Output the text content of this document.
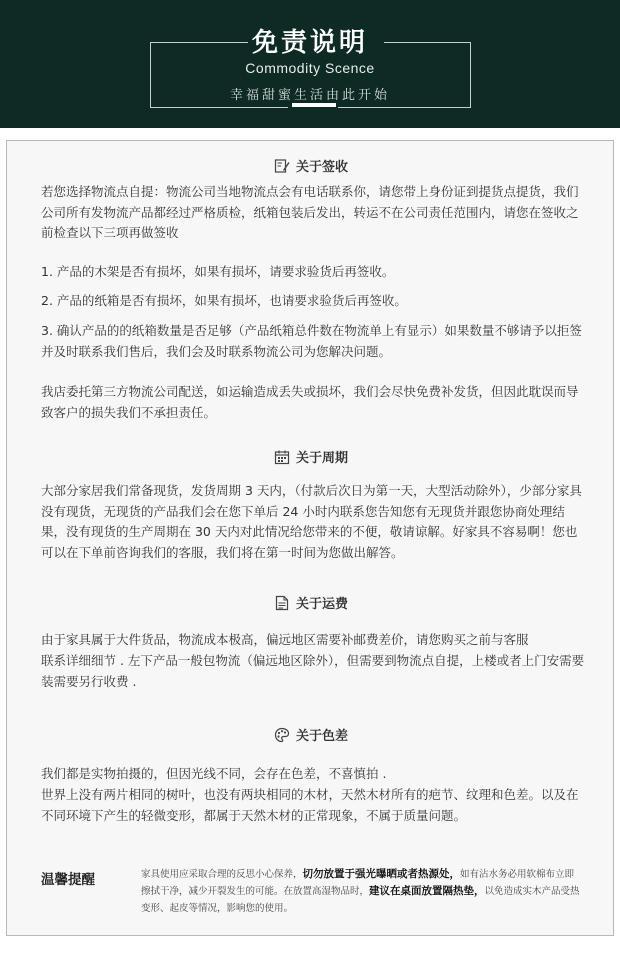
免责说明
Commodity Scence
幸福甜蜜生活由此开始
关于签收
若您选择物流点自提：物流公司当地物流点会有电话联系你，请您带上身份证到提货点提货，我们公司所有发物流产品都经过严格质检，纸箱包装后发出，转运不在公司责任范围内，请您在签收之前检查以下三项再做签收
1. 产品的木架是否有损坏，如果有损坏，请要求验货后再签收。
2. 产品的纸箱是否有损坏，如果有损坏，也请要求验货后再签收。
3. 确认产品的的纸箱数量是否足够（产品纸箱总件数在物流单上有显示）如果数量不够请予以拒签并及时联系我们售后，我们会及时联系物流公司为您解决问题。
我店委托第三方物流公司配送，如运输造成丢失或损坏，我们会尽快免费补发货，但因此耽误而导致客户的损失我们不承担责任。
关于周期
大部分家居我们常备现货，发货周期 3 天内，（付款后次日为第一天，大型活动除外），少部分家具没有现货，无现货的产品我们会在您下单后 24 小时内联系您告知您有无现货并跟您协商处理结果，没有现货的生产周期在 30 天内对此情况给您带来的不便，敬请谅解。好家具不容易啊！您也可以在下单前咨询我们的客服，我们将在第一时间为您做出解答。
关于运费
由于家具属于大件货品，物流成本极高，偏远地区需要补邮费差价，请您购买之前与客服
联系详细细节 . 左下产品一般包物流（偏远地区除外），但需要到物流点自提，上楼或者上门安需要装需要另行收费 .
关于色差
我们都是实物拍摄的，但因光线不同，会存在色差，不喜慎拍 .
世界上没有两片相同的树叶，也没有两块相同的木材，天然木材所有的疤节、纹理和色差。以及在不同环境下产生的轻微变形，都属于天然木材的正常现象，不属于质量问题。
温馨提醒	家具使用应采取合理的反思小心保养，切勿放置于强光曝晒或者热源处，如有沾水务必用软棉布立即擦拭干净，减少开裂发生的可能。在放置高湿物品时，建议在桌面放置隔热垫，以免造成实木产品受热变形、起皮等情况，影响您的使用。
